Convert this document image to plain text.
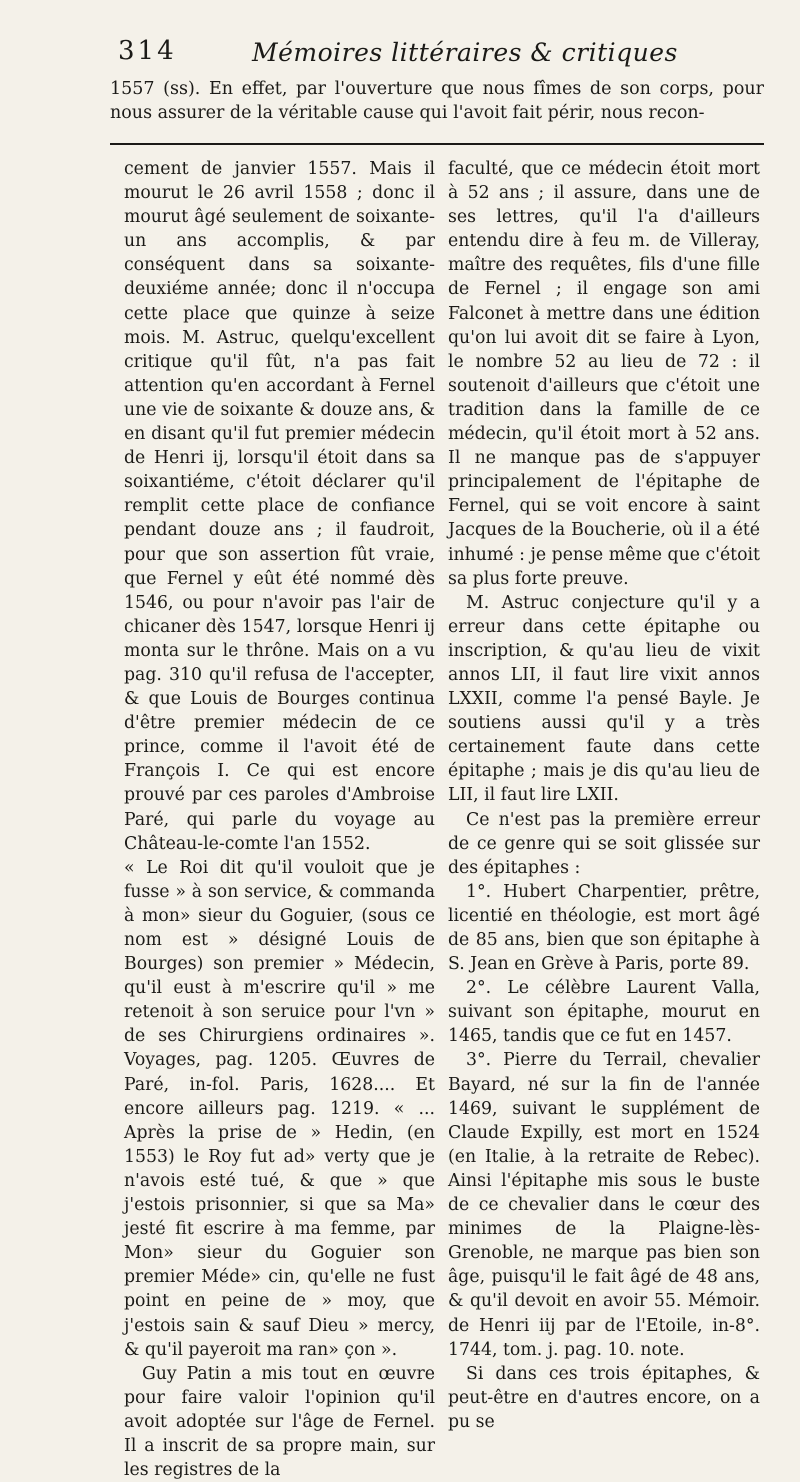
314	Mémoires littéraires & critiques

1557 (ss). En effet, par l'ouverture que nous fîmes de son corps, pour nous assurer de la véritable cause qui l'avoit fait périr, nous recon-

cement de janvier 1557. Mais il mourut le 26 avril 1558 ; donc il mourut âgé seulement de soixante-un ans accomplis, & par conséquent dans sa soixante-deuxiéme année; donc il n'occupa cette place que quinze à seize mois. M. Astruc, quelqu'excellent critique qu'il fût, n'a pas fait attention qu'en accordant à Fernel une vie de soixante & douze ans, & en disant qu'il fut premier médecin de Henri ij, lorsqu'il étoit dans sa soixantiéme, c'étoit déclarer qu'il remplit cette place de confiance pendant douze ans ; il faudroit, pour que son assertion fût vraie, que Fernel y eût été nommé dès 1546, ou pour n'avoir pas l'air de chicaner dès 1547, lorsque Henri ij monta sur le thrône. Mais on a vu pag. 310 qu'il refusa de l'accepter, & que Louis de Bourges continua d'être premier médecin de ce prince, comme il l'avoit été de François I. Ce qui est encore prouvé par ces paroles d'Ambroise Paré, qui parle du voyage au Château-le-comte l'an 1552.

« Le Roi dit qu'il vouloit que je fusse » à son service, & commanda à mon» sieur du Goguier, (sous ce nom est » désigné Louis de Bourges) son premier » Médecin, qu'il eust à m'escrire qu'il » me retenoit à son seruice pour l'vn » de ses Chirurgiens ordinaires ». Voyages, pag. 1205. Œuvres de Paré, in-fol. Paris, 1628.... Et encore ailleurs pag. 1219. « ... Après la prise de » Hedin, (en 1553) le Roy fut ad» verty que je n'avois esté tué, & que » que j'estois prisonnier, si que sa Ma» jesté fit escrire à ma femme, par Mon» sieur du Goguier son premier Méde» cin, qu'elle ne fust point en peine de » moy, que j'estois sain & sauf Dieu » mercy, & qu'il payeroit ma ran» çon ».

Guy Patin a mis tout en œuvre pour faire valoir l'opinion qu'il avoit adoptée sur l'âge de Fernel. Il a inscrit de sa propre main, sur les registres de la

faculté, que ce médecin étoit mort à 52 ans ; il assure, dans une de ses lettres, qu'il l'a d'ailleurs entendu dire à feu m. de Villeray, maître des requêtes, fils d'une fille de Fernel ; il engage son ami Falconet à mettre dans une édition qu'on lui avoit dit se faire à Lyon, le nombre 52 au lieu de 72 : il soutenoit d'ailleurs que c'étoit une tradition dans la famille de ce médecin, qu'il étoit mort à 52 ans. Il ne manque pas de s'appuyer principalement de l'épitaphe de Fernel, qui se voit encore à saint Jacques de la Boucherie, où il a été inhumé : je pense même que c'étoit sa plus forte preuve.

M. Astruc conjecture qu'il y a erreur dans cette épitaphe ou inscription, & qu'au lieu de vixit annos LII, il faut lire vixit annos LXXII, comme l'a pensé Bayle. Je soutiens aussi qu'il y a très certainement faute dans cette épitaphe ; mais je dis qu'au lieu de LII, il faut lire LXII.

Ce n'est pas la première erreur de ce genre qui se soit glissée sur des épitaphes :

1°. Hubert Charpentier, prêtre, licentié en théologie, est mort âgé de 85 ans, bien que son épitaphe à S. Jean en Grève à Paris, porte 89.

2°. Le célèbre Laurent Valla, suivant son épitaphe, mourut en 1465, tandis que ce fut en 1457.

3°. Pierre du Terrail, chevalier Bayard, né sur la fin de l'année 1469, suivant le supplément de Claude Expilly, est mort en 1524 (en Italie, à la retraite de Rebec). Ainsi l'épitaphe mis sous le buste de ce chevalier dans le cœur des minimes de la Plaigne-lès-Grenoble, ne marque pas bien son âge, puisqu'il le fait âgé de 48 ans, & qu'il devoit en avoir 55. Mémoir. de Henri iij par de l'Etoile, in-8°. 1744, tom. j. pag. 10. note.

Si dans ces trois épitaphes, & peut-être en d'autres encore, on a pu se
